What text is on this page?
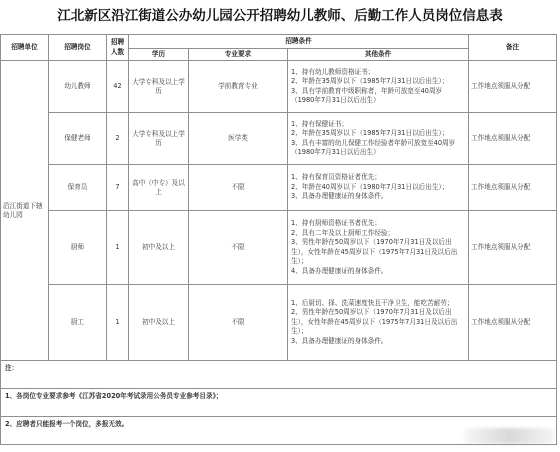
江北新区沿江街道公办幼儿园公开招聘幼儿教师、后勤工作人员岗位信息表
招聘单位	招聘岗位	招聘人数	招聘条件			备注
			学历	专业要求	其他条件	
沿江街道下辖幼儿园	幼儿教师	42	大学专科及以上学历	学前教育专业	1、持有幼儿教师资格证书；
2、年龄在35周岁以下（1985年7月31日以后出生）；
3、具有学前教育中级职称者，年龄可放宽至40周岁（1980年7月31日以后出生）	工作地点须服从分配
	保健老师	2	大学专科及以上学历	医学类	1、持有保健证书；
2、年龄在35周岁以下（1985年7月31日以后出生）；
3、具有丰富的幼儿保健工作经验者年龄可放宽至40周岁（1980年7月31日以后出生）	工作地点须服从分配
	保育员	7	高中（中专）及以上	不限	1、持有保育员资格证者优先；
2、年龄在40周岁以下（1980年7月31日以后出生）；
3、具备办理健康证的身体条件。	工作地点须服从分配
	厨师	1	初中及以上	不限	1、持有厨师资格证书者优先；
2、具有二年及以上厨师工作经验；
3、男性年龄在50周岁以下（1970年7月31日及以后出生），女性年龄在45周岁以下（1975年7月31日及以后出生）；
4、具备办理健康证的身体条件。	工作地点须服从分配
	厨工	1	初中及以上	不限	1、后厨切、择、洗菜速度快且干净卫生，能吃苦耐劳；
2、男性年龄在50周岁以下（1970年7月31日及以后出生），女性年龄在45周岁以下（1975年7月31日及以后出生）；
3、具备办理健康证的身体条件。	工作地点须服从分配
注：						
1、各岗位专业要求参考《江苏省2020年考试录用公务员专业参考目录》；						
2、应聘者只能报考一个岗位，多报无效。						
